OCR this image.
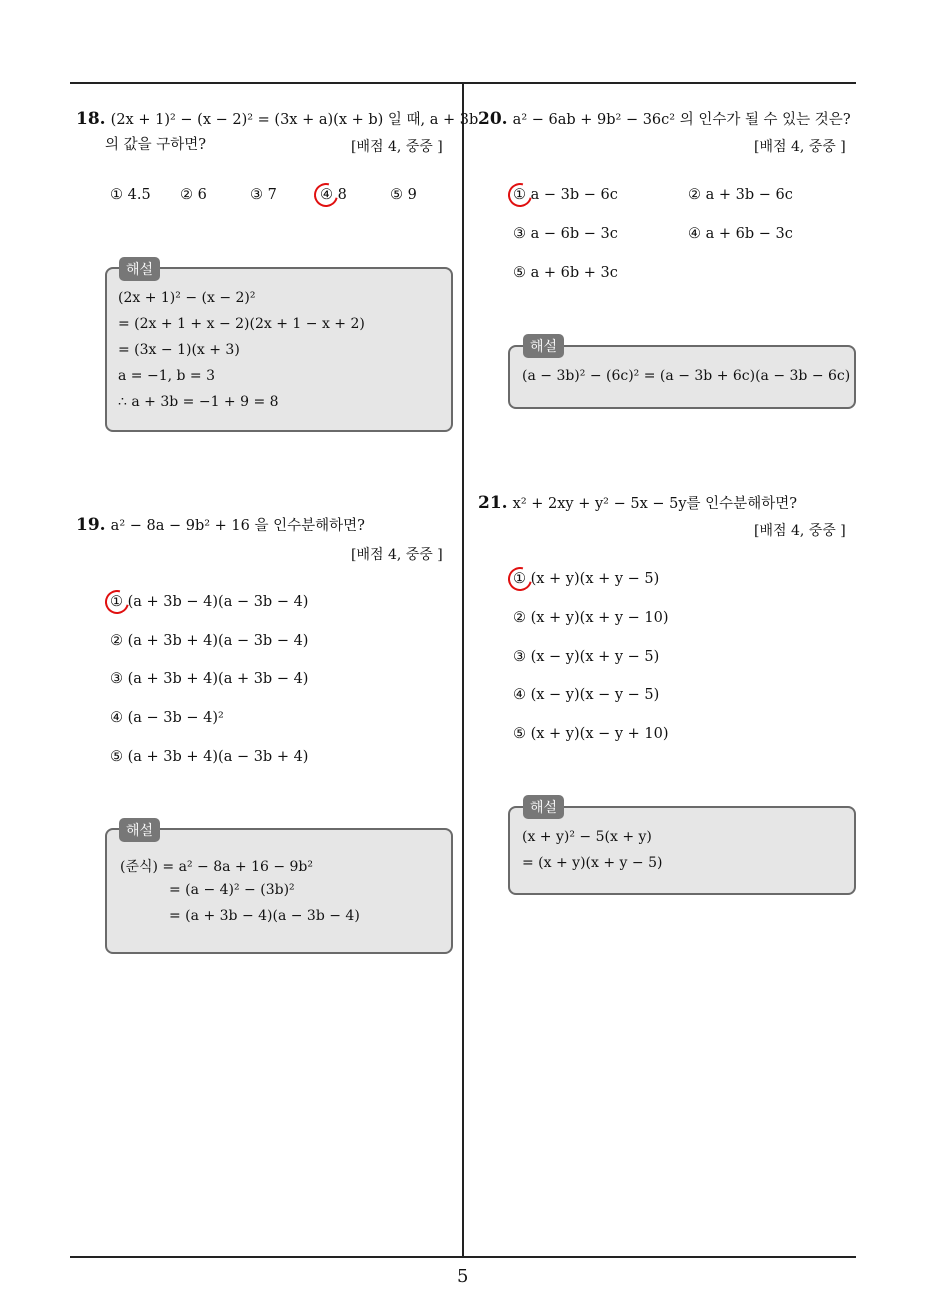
18. (2x + 1)² − (x − 2)² = (3x + a)(x + b) 일 때, a + 3b
의 값을 구하면?	[배점 4, 중중 ]
① 4.5 ② 6	③ 7	④ 8	⑤ 9
해설
(2x + 1)² − (x − 2)²
= (2x + 1 + x − 2)(2x + 1 − x + 2)
= (3x − 1)(x + 3)
a = −1, b = 3
∴ a + 3b = −1 + 9 = 8
19. a² − 8a − 9b² + 16 을 인수분해하면?
[배점 4, 중중 ]
① (a + 3b − 4)(a − 3b − 4)
② (a + 3b + 4)(a − 3b − 4)
③ (a + 3b + 4)(a + 3b − 4)
④ (a − 3b − 4)²
⑤ (a + 3b + 4)(a − 3b + 4)
해설
(준식) = a² − 8a + 16 − 9b²
= (a − 4)² − (3b)²
= (a + 3b − 4)(a − 3b − 4)
20. a² − 6ab + 9b² − 36c² 의 인수가 될 수 있는 것은?
[배점 4, 중중 ]
① a − 3b − 6c	② a + 3b − 6c
③ a − 6b − 3c	④ a + 6b − 3c
⑤ a + 6b + 3c
해설
(a − 3b)² − (6c)² = (a − 3b + 6c)(a − 3b − 6c)
21. x² + 2xy + y² − 5x − 5y를 인수분해하면?
[배점 4, 중중 ]
① (x + y)(x + y − 5)
② (x + y)(x + y − 10)
③ (x − y)(x + y − 5)
④ (x − y)(x − y − 5)
⑤ (x + y)(x − y + 10)
해설
(x + y)² − 5(x + y)
= (x + y)(x + y − 5)
5
